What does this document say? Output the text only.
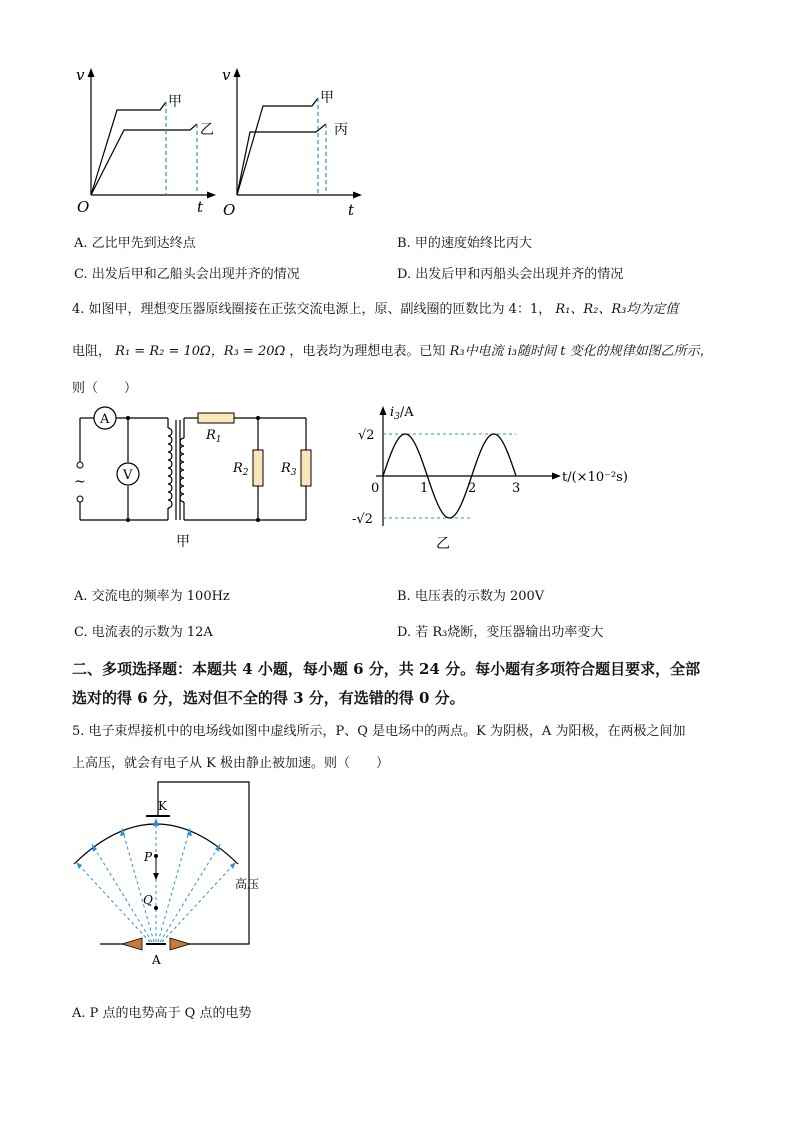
v
O	t
甲
乙
v
O	t
甲
丙
A. 乙比甲先到达终点	B. 甲的速度始终比丙大
C. 出发后甲和乙船头会出现并齐的情况	D. 出发后甲和丙船头会出现并齐的情况
4. 如图甲，理想变压器原线圈接在正弦交流电源上，原、副线圈的匝数比为 4：1， R₁、R₂、R₃均为定值
电阻， R₁ = R₂ = 10Ω，R₃ = 20Ω ，电表均为理想电表。已知 R₃中电流 i₃随时间 t 变化的规律如图乙所示，
则（　　）
A
~	V
$R_1$
$R_2$ $R_3$
甲
$i_3/A$
√2
-√2
0	1	2	3
t/(×10⁻²s)
乙
A. 交流电的频率为 100Hz	B. 电压表的示数为 200V
C. 电流表的示数为 12A	D. 若 R₃烧断，变压器输出功率变大
二、多项选择题：本题共 4 小题，每小题 6 分，共 24 分。每小题有多项符合题目要求，全部
选对的得 6 分，选对但不全的得 3 分，有选错的得 0 分。
5. 电子束焊接机中的电场线如图中虚线所示，P、Q 是电场中的两点。K 为阴极，A 为阳极，在两极之间加
上高压，就会有电子从 K 极由静止被加速。则（　　）
K
高压
P
Q
A
A. P 点的电势高于 Q 点的电势
